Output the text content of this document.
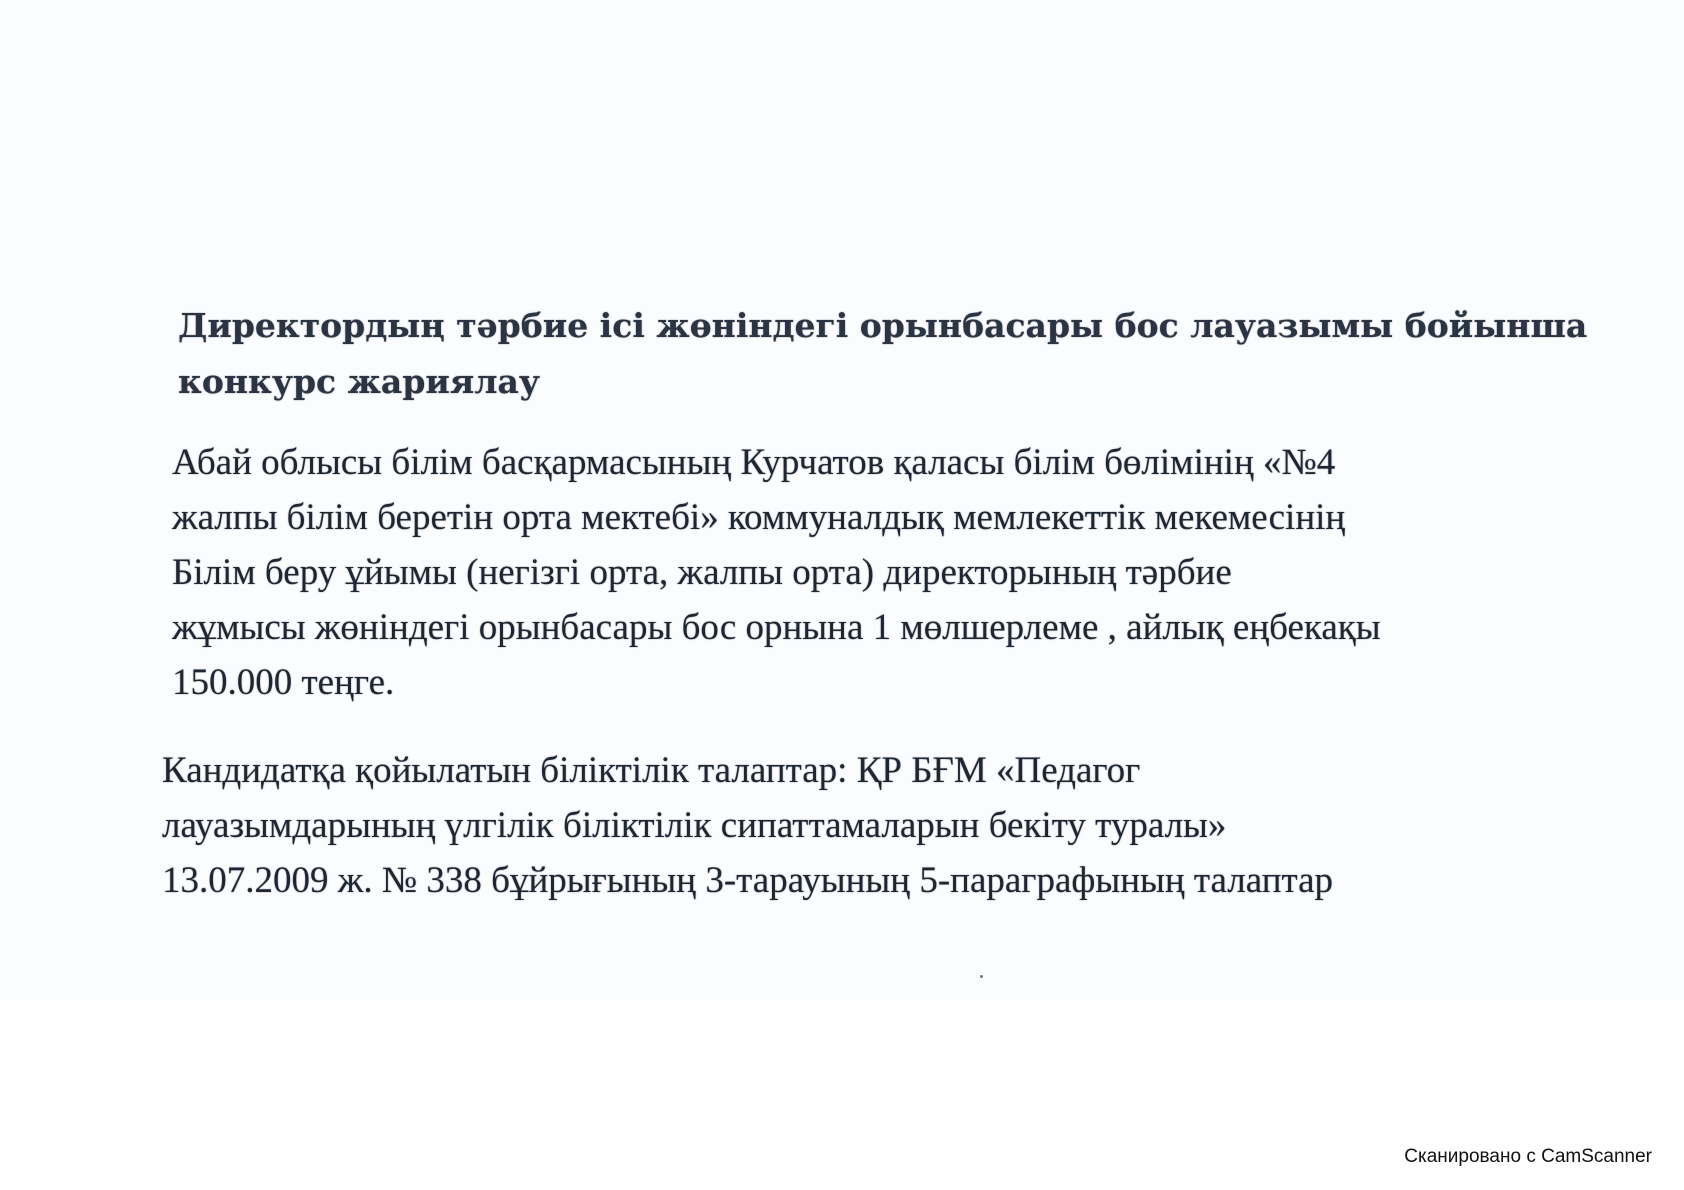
Директордың тәрбие ісі жөніндегі орынбасары бос лауазымы бойынша
конкурс жариялау

Абай облысы білім басқармасының Курчатов қаласы білім бөлімінің «№4
жалпы білім беретін орта мектебі» коммуналдық мемлекеттік мекемесінің
Білім беру ұйымы (негізгі орта, жалпы орта) директорының тәрбие
жұмысы жөніндегі орынбасары бос орнына 1 мөлшерлеме , айлық еңбекақы
150.000 теңге.

Кандидатқа қойылатын біліктілік талаптар: ҚР БҒМ «Педагог
лауазымдарының үлгілік біліктілік сипаттамаларын бекіту туралы»
13.07.2009 ж. № 338 бұйрығының 3-тарауының 5-параграфының талаптар

Сканировано с CamScanner
